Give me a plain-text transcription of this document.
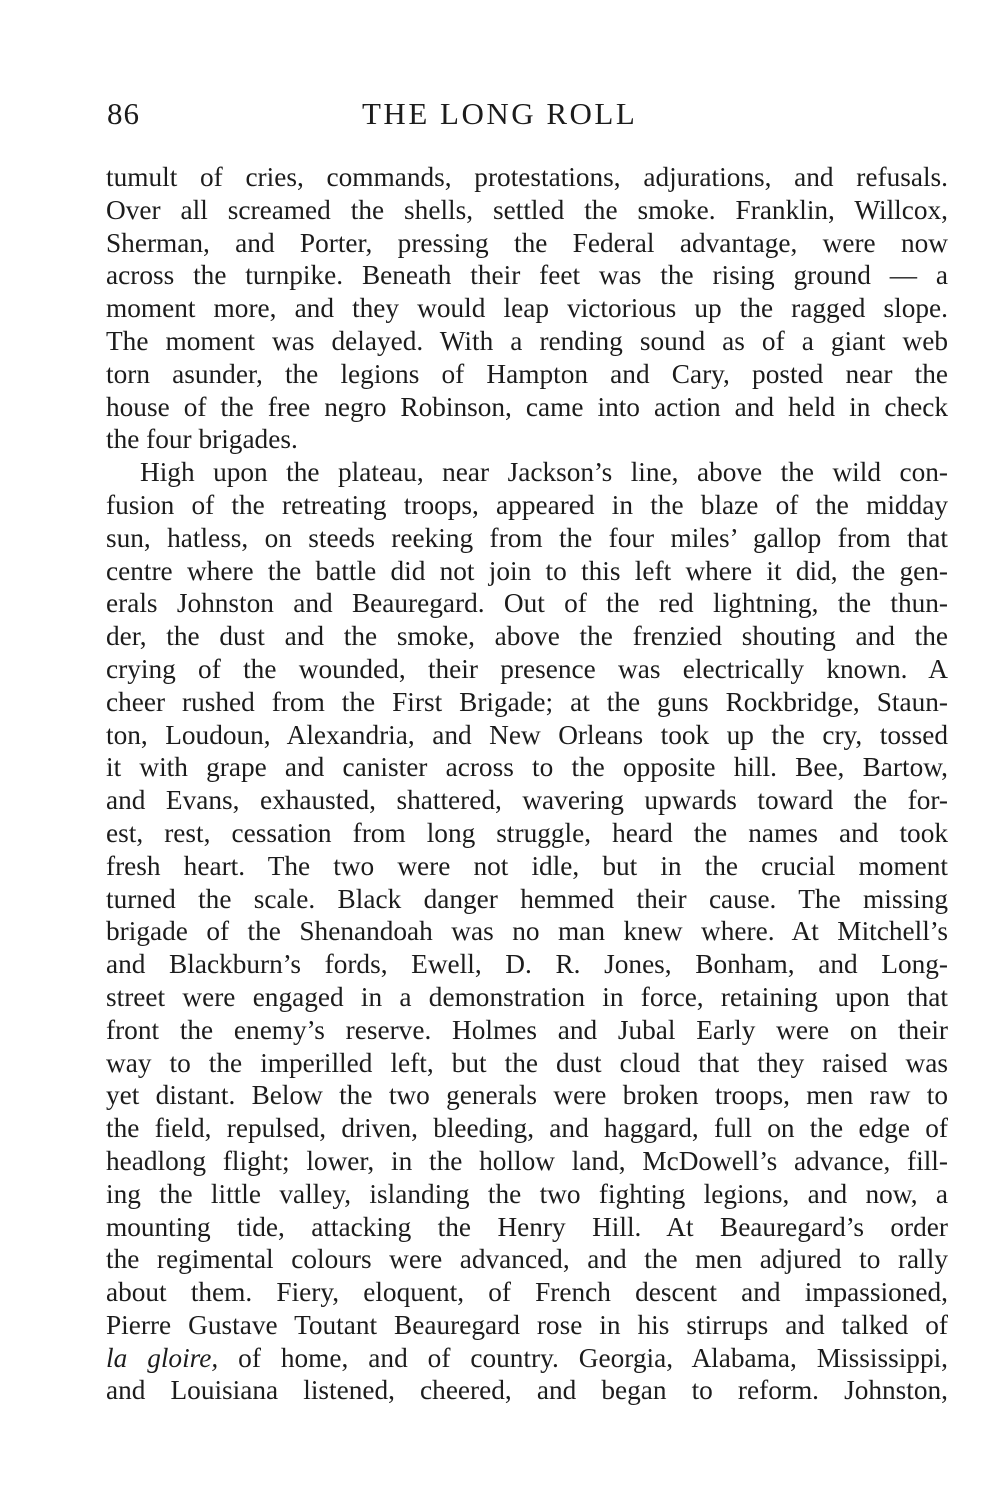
86	THE LONG ROLL
tumult of cries, commands, protestations, adjurations, and refusals.
Over all screamed the shells, settled the smoke. Franklin, Willcox,
Sherman, and Porter, pressing the Federal advantage, were now
across the turnpike. Beneath their feet was the rising ground — a
moment more, and they would leap victorious up the ragged slope.
The moment was delayed. With a rending sound as of a giant web
torn asunder, the legions of Hampton and Cary, posted near the
house of the free negro Robinson, came into action and held in check
the four brigades.
High upon the plateau, near Jackson’s line, above the wild con-
fusion of the retreating troops, appeared in the blaze of the midday
sun, hatless, on steeds reeking from the four miles’ gallop from that
centre where the battle did not join to this left where it did, the gen-
erals Johnston and Beauregard. Out of the red lightning, the thun-
der, the dust and the smoke, above the frenzied shouting and the
crying of the wounded, their presence was electrically known. A
cheer rushed from the First Brigade; at the guns Rockbridge, Staun-
ton, Loudoun, Alexandria, and New Orleans took up the cry, tossed
it with grape and canister across to the opposite hill. Bee, Bartow,
and Evans, exhausted, shattered, wavering upwards toward the for-
est, rest, cessation from long struggle, heard the names and took
fresh heart. The two were not idle, but in the crucial moment
turned the scale. Black danger hemmed their cause. The missing
brigade of the Shenandoah was no man knew where. At Mitchell’s
and Blackburn’s fords, Ewell, D. R. Jones, Bonham, and Long-
street were engaged in a demonstration in force, retaining upon that
front the enemy’s reserve. Holmes and Jubal Early were on their
way to the imperilled left, but the dust cloud that they raised was
yet distant. Below the two generals were broken troops, men raw to
the field, repulsed, driven, bleeding, and haggard, full on the edge of
headlong flight; lower, in the hollow land, McDowell’s advance, fill-
ing the little valley, islanding the two fighting legions, and now, a
mounting tide, attacking the Henry Hill. At Beauregard’s order
the regimental colours were advanced, and the men adjured to rally
about them. Fiery, eloquent, of French descent and impassioned,
Pierre Gustave Toutant Beauregard rose in his stirrups and talked of
la gloire, of home, and of country. Georgia, Alabama, Mississippi,
and Louisiana listened, cheered, and began to reform. Johnston,
